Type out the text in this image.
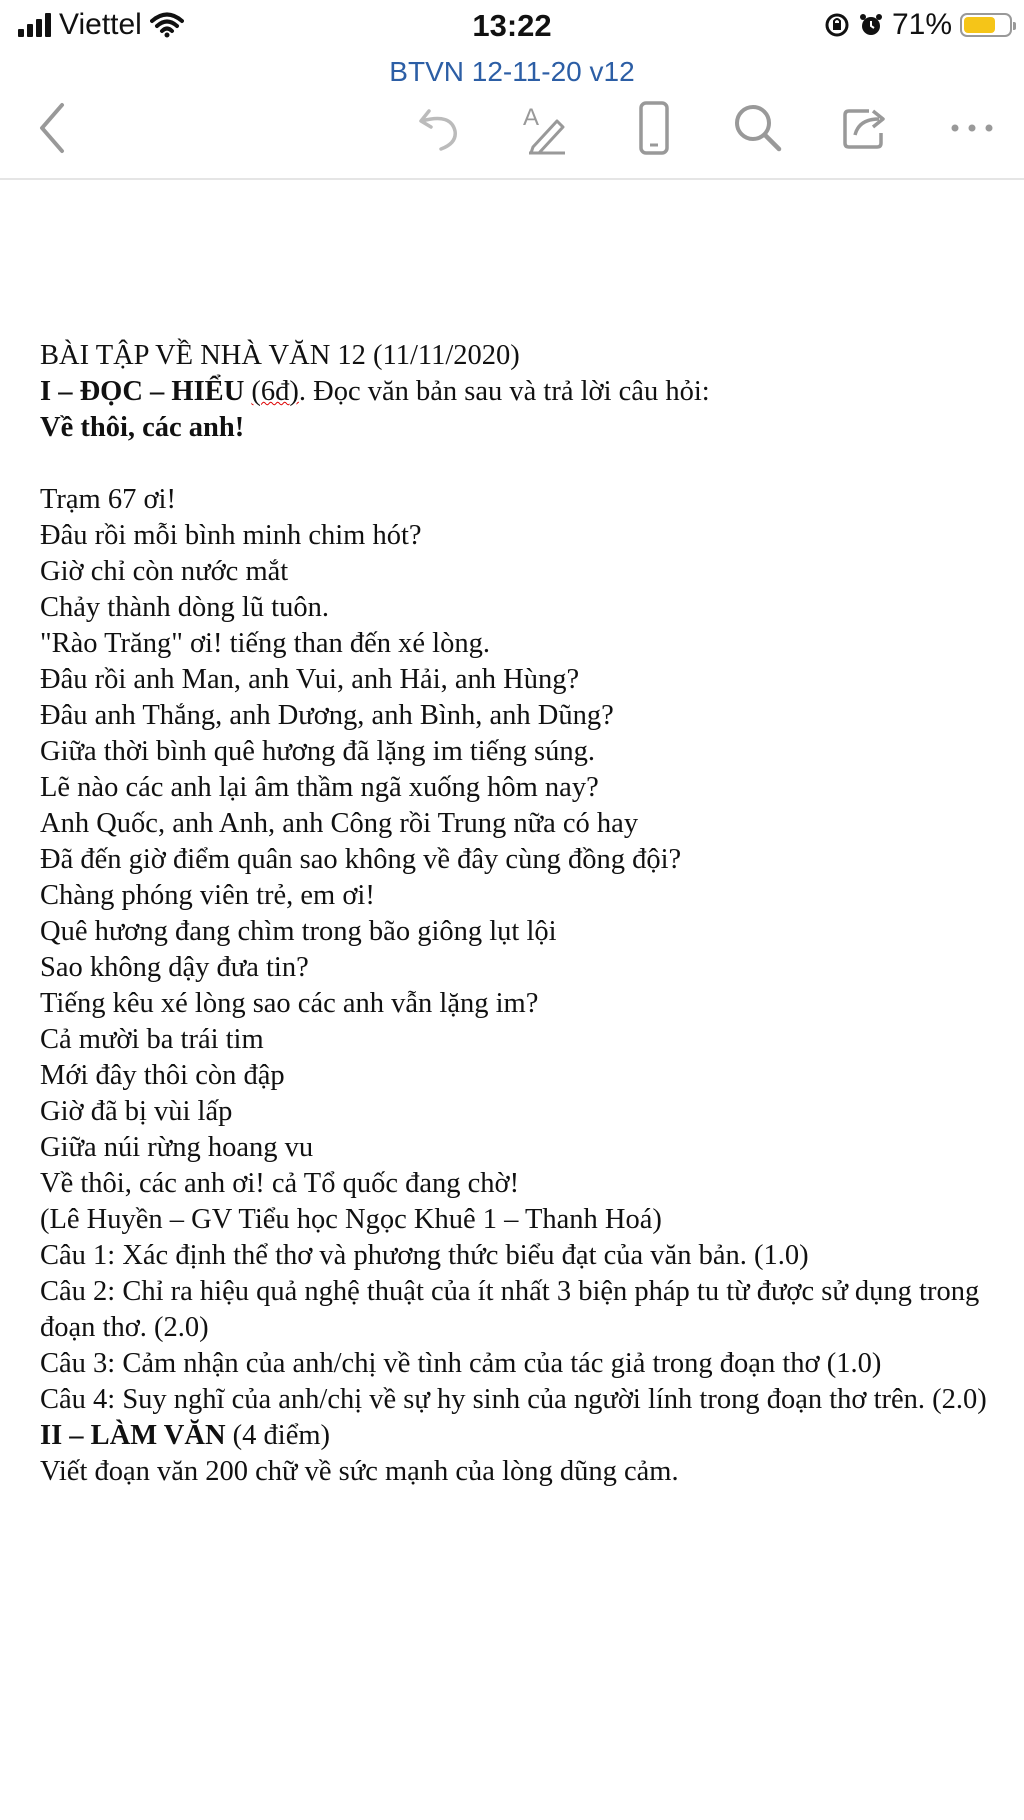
Viettel	13:22	71%
BTVN 12-11-20 v12
A

BÀI TẬP VỀ NHÀ VĂN 12 (11/11/2020)

I – ĐỌC – HIỂU (6đ). Đọc văn bản sau và trả lời câu hỏi:

Về thôi, các anh!

Trạm 67 ơi!

Đâu rồi mỗi bình minh chim hót?

Giờ chỉ còn nước mắt

Chảy thành dòng lũ tuôn.

"Rào Trăng" ơi! tiếng than đến xé lòng.

Đâu rồi anh Man, anh Vui, anh Hải, anh Hùng?

Đâu anh Thắng, anh Dương, anh Bình, anh Dũng?

Giữa thời bình quê hương đã lặng im tiếng súng.

Lẽ nào các anh lại âm thầm ngã xuống hôm nay?

Anh Quốc, anh Anh, anh Công rồi Trung nữa có hay

Đã đến giờ điểm quân sao không về đây cùng đồng đội?

Chàng phóng viên trẻ, em ơi!

Quê hương đang chìm trong bão giông lụt lội

Sao không dậy đưa tin?

Tiếng kêu xé lòng sao các anh vẫn lặng im?

Cả mười ba trái tim

Mới đây thôi còn đập

Giờ đã bị vùi lấp

Giữa núi rừng hoang vu

Về thôi, các anh ơi! cả Tổ quốc đang chờ!

(Lê Huyền – GV Tiểu học Ngọc Khuê 1 – Thanh Hoá)

Câu 1: Xác định thể thơ và phương thức biểu đạt của văn bản. (1.0)

Câu 2: Chỉ ra hiệu quả nghệ thuật của ít nhất 3 biện pháp tu từ được sử dụng trong đoạn thơ. (2.0)

Câu 3: Cảm nhận của anh/chị về tình cảm của tác giả trong đoạn thơ (1.0)

Câu 4: Suy nghĩ của anh/chị về sự hy sinh của người lính trong đoạn thơ trên. (2.0)

II – LÀM VĂN (4 điểm)

Viết đoạn văn 200 chữ về sức mạnh của lòng dũng cảm.
